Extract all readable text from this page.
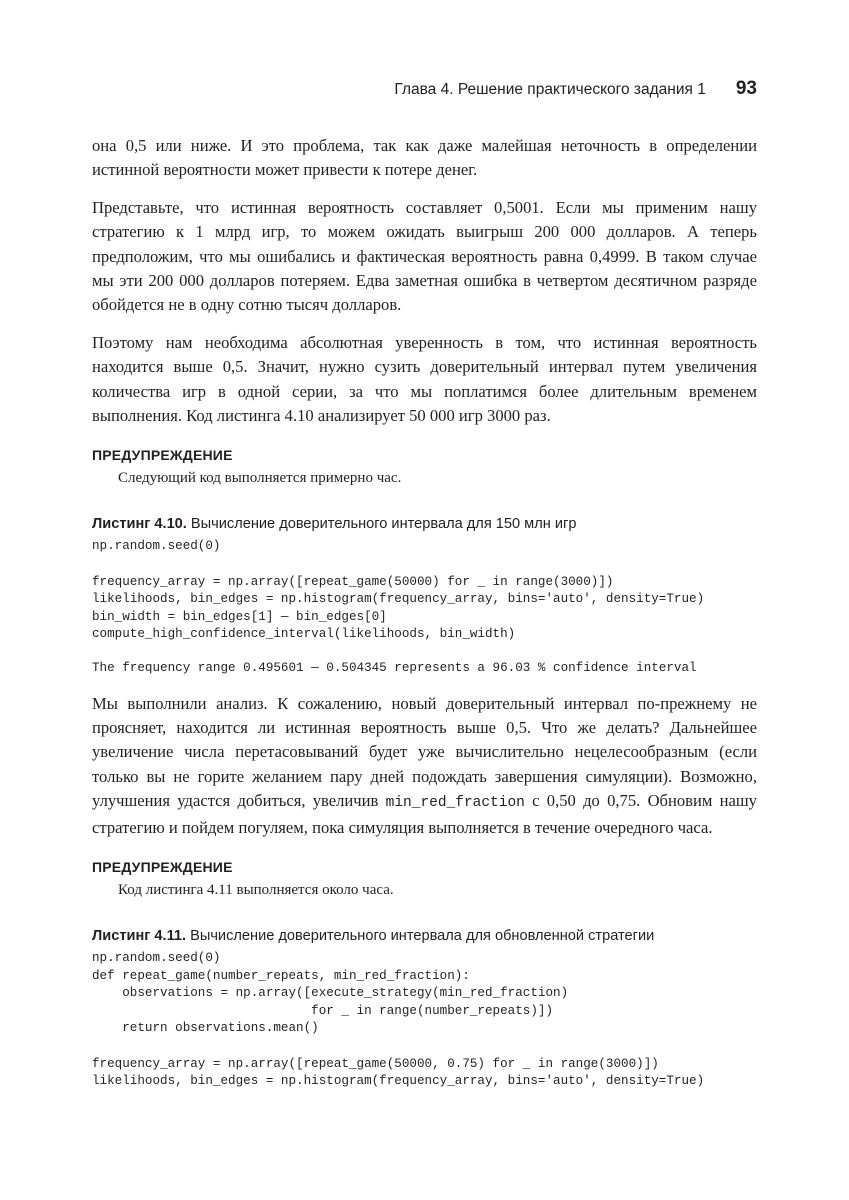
Глава 4. Решение практического задания 1 93

она 0,5 или ниже. И это проблема, так как даже малейшая неточность в определении истинной вероятности может привести к потере денег.

Представьте, что истинная вероятность составляет 0,5001. Если мы применим нашу стратегию к 1 млрд игр, то можем ожидать выигрыш 200 000 долларов. А теперь предположим, что мы ошибались и фактическая вероятность равна 0,4999. В таком случае мы эти 200 000 долларов потеряем. Едва заметная ошибка в четвертом десятичном разряде обойдется не в одну сотню тысяч долларов.

Поэтому нам необходима абсолютная уверенность в том, что истинная вероятность находится выше 0,5. Значит, нужно сузить доверительный интервал путем увеличения количества игр в одной серии, за что мы поплатимся более длительным временем выполнения. Код листинга 4.10 анализирует 50 000 игр 3000 раз.

ПРЕДУПРЕЖДЕНИЕ
Следующий код выполняется примерно час.
Листинг 4.10. Вычисление доверительного интервала для 150 млн игр
np.random.seed(0)

frequency_array = np.array([repeat_game(50000) for _ in range(3000)])
likelihoods, bin_edges = np.histogram(frequency_array, bins='auto', density=True)
bin_width = bin_edges[1] — bin_edges[0]
compute_high_confidence_interval(likelihoods, bin_width)
The frequency range 0.495601 — 0.504345 represents a 96.03 % confidence interval

Мы выполнили анализ. К сожалению, новый доверительный интервал по-прежнему не проясняет, находится ли истинная вероятность выше 0,5. Что же делать? Дальнейшее увеличение числа перетасовываний будет уже вычислительно нецелесообразным (если только вы не горите желанием пару дней подождать завершения симуляции). Возможно, улучшения удастся добиться, увеличив min_red_fraction с 0,50 до 0,75. Обновим нашу стратегию и пойдем погуляем, пока симуляция выполняется в течение очередного часа.

ПРЕДУПРЕЖДЕНИЕ
Код листинга 4.11 выполняется около часа.
Листинг 4.11. Вычисление доверительного интервала для обновленной стратегии
np.random.seed(0)
def repeat_game(number_repeats, min_red_fraction):
observations = np.array([execute_strategy(min_red_fraction)
for _ in range(number_repeats)])
return observations.mean()

frequency_array = np.array([repeat_game(50000, 0.75) for _ in range(3000)])
likelihoods, bin_edges = np.histogram(frequency_array, bins='auto', density=True)
